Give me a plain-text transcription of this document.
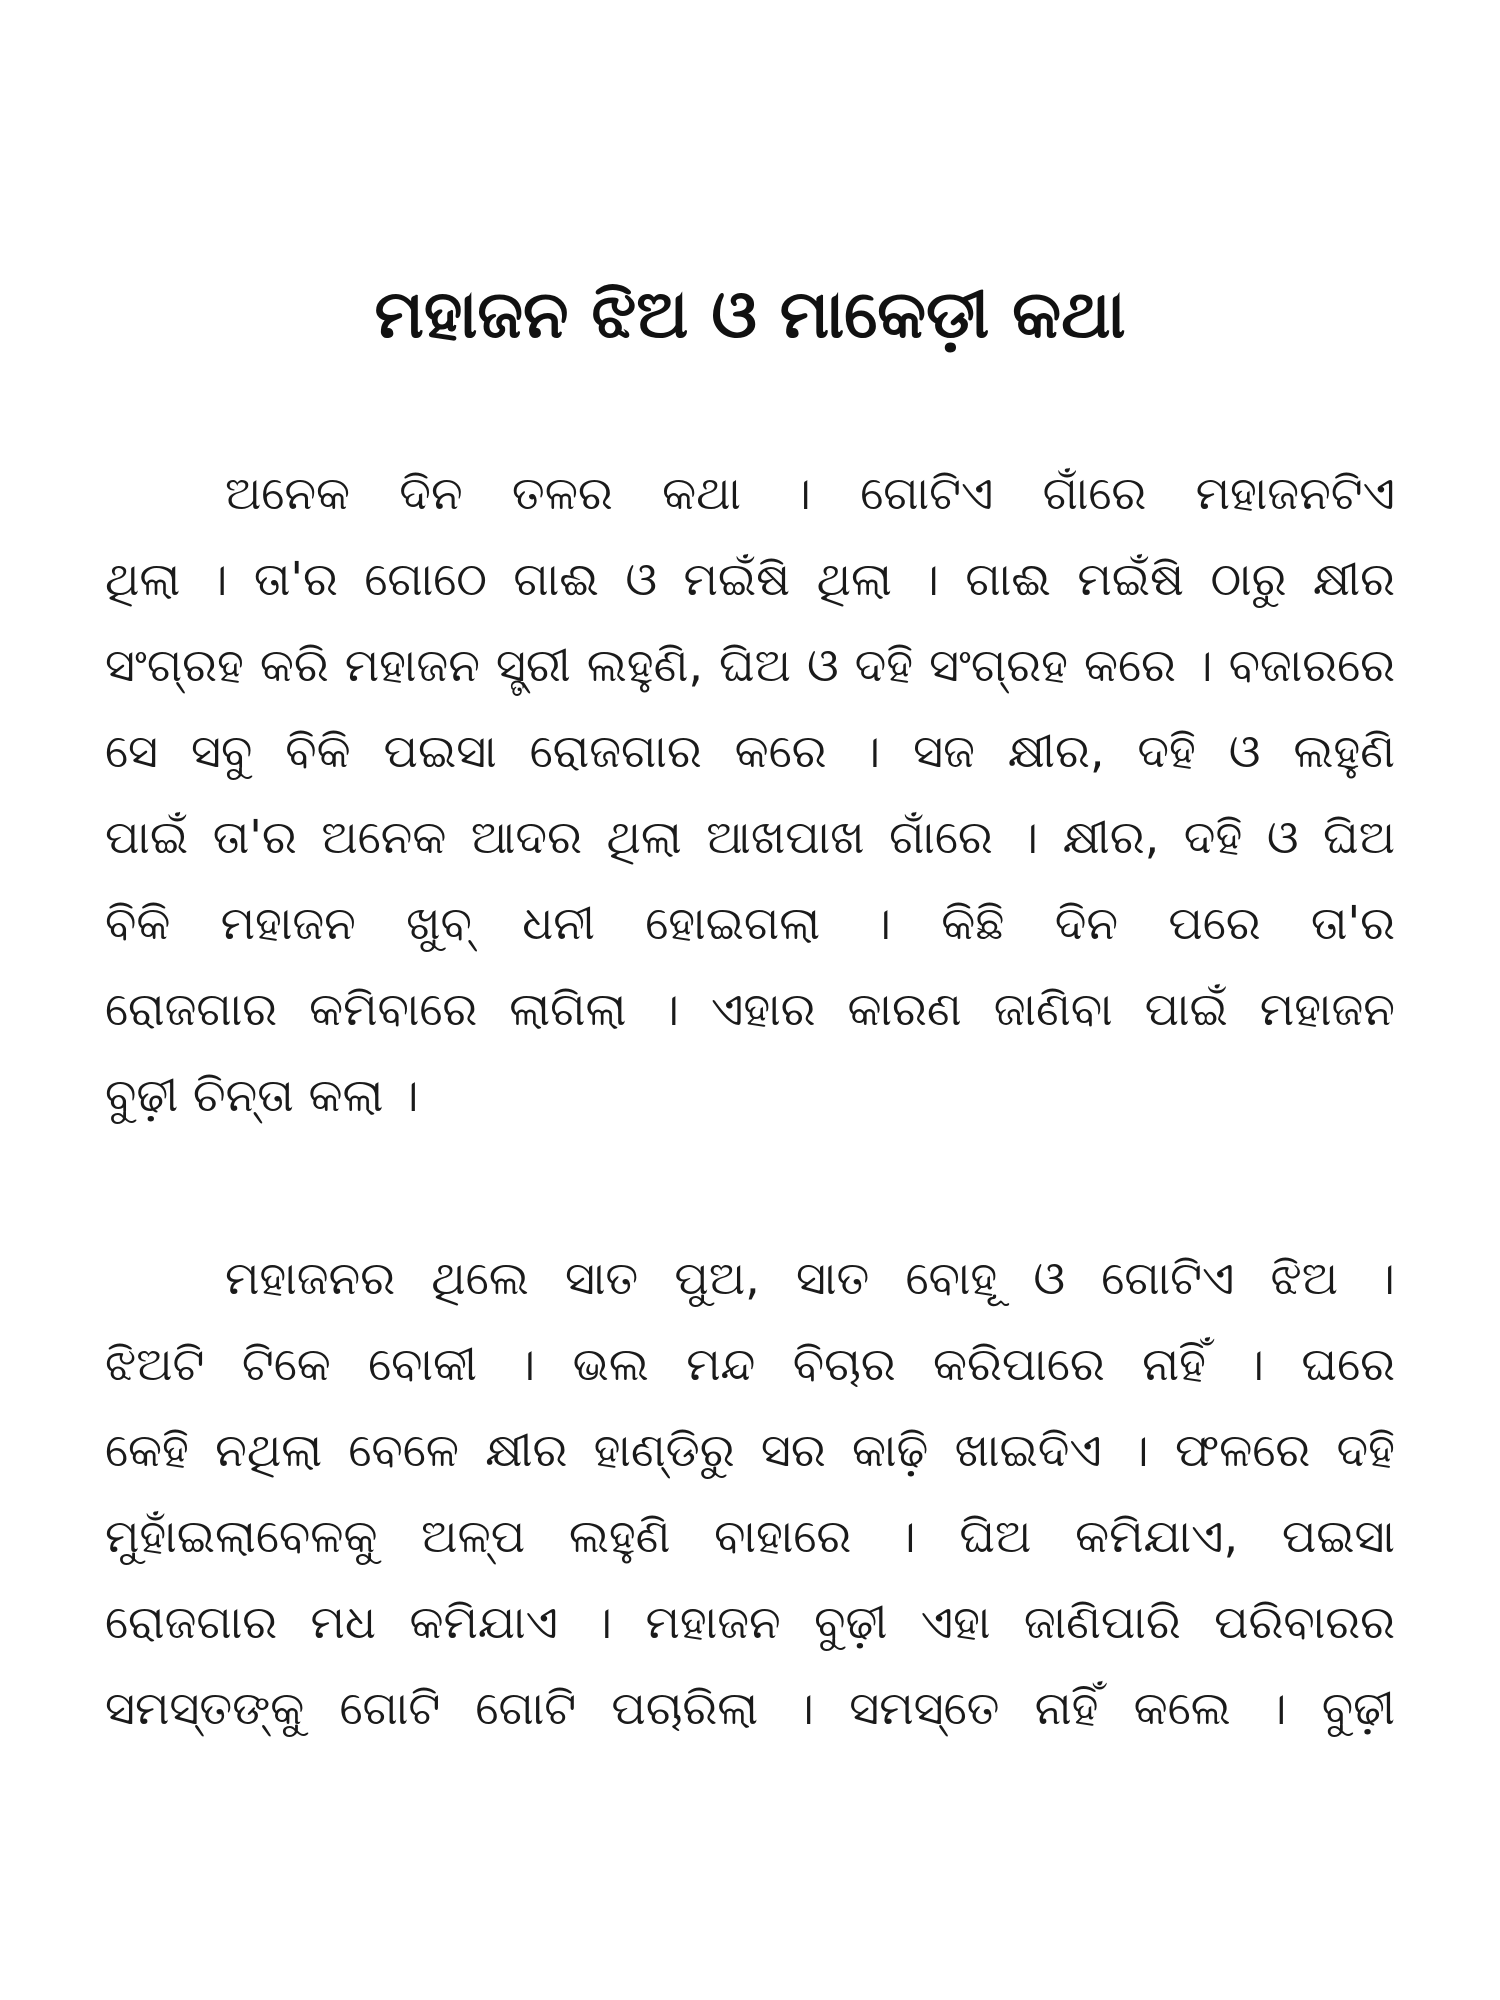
ମହାଜନ ଝିଅ ଓ ମାକେଡ଼ୀ କଥା
ଅନେକ ଦିନ ତଳର କଥା । ଗୋଟିଏ ଗାଁରେ ମହାଜନଟିଏ
ଥିଲା । ତା'ର ଗୋଠେ ଗାଈ ଓ ମଇଁଷି ଥିଲା । ଗାଈ ମଇଁଷି ଠାରୁ କ୍ଷୀର
ସଂଗ୍ରହ କରି ମହାଜନ ସ୍ତ୍ରୀ ଲହୁଣି, ଘିଅ ଓ ଦହି ସଂଗ୍ରହ କରେ । ବଜାରରେ
ସେ ସବୁ ବିକି ପଇସା ରୋଜଗାର କରେ । ସଜ କ୍ଷୀର, ଦହି ଓ ଲହୁଣି
ପାଇଁ ତା'ର ଅନେକ ଆଦର ଥିଲା ଆଖପାଖ ଗାଁରେ । କ୍ଷୀର, ଦହି ଓ ଘିଅ
ବିକି ମହାଜନ ଖୁବ୍ ଧନୀ ହୋଇଗଲା । କିଛି ଦିନ ପରେ ତା'ର
ରୋଜଗାର କମିବାରେ ଲାଗିଲା । ଏହାର କାରଣ ଜାଣିବା ପାଇଁ ମହାଜନ
ବୁଢ଼ୀ ଚିନ୍ତା କଲା ।
ମହାଜନର ଥିଲେ ସାତ ପୁଅ, ସାତ ବୋହୂ ଓ ଗୋଟିଏ ଝିଅ ।
ଝିଅଟି ଟିକେ ବୋକୀ । ଭଲ ମନ୍ଦ ବିଚାର କରିପାରେ ନାହିଁ । ଘରେ
କେହି ନଥିଲା ବେଳେ କ୍ଷୀର ହାଣ୍ଡିରୁ ସର କାଢ଼ି ଖାଇଦିଏ । ଫଳରେ ଦହି
ମୁହାଁଇଲାବେଳକୁ ଅଳ୍ପ ଲହୁଣି ବାହାରେ । ଘିଅ କମିଯାଏ, ପଇସା
ରୋଜଗାର ମଧ କମିଯାଏ । ମହାଜନ ବୁଢ଼ୀ ଏହା ଜାଣିପାରି ପରିବାରର
ସମସ୍ତଙ୍କୁ ଗୋଟି ଗୋଟି ପଚାରିଲା । ସମସ୍ତେ ନାହିଁ କଲେ । ବୁଢ଼ୀ
